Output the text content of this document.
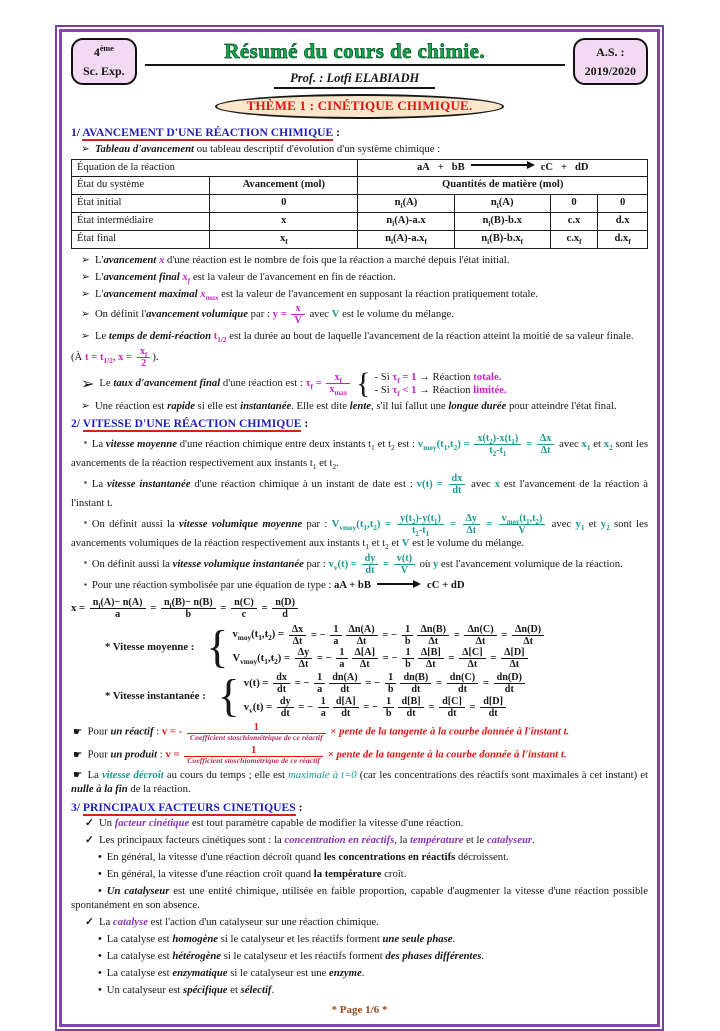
4ème
Sc. Exp.
Résumé du cours de chimie.
Prof. : Lotfi ELABIADH
A.S. :
2019/2020
THÈME 1 : CINÉTIQUE CHIMIQUE.
1/ AVANCEMENT D'UNE RÉACTION CHIMIQUE :
➢ Tableau d'avancement ou tableau descriptif d'évolution d'un système chimique :
Équation de la réaction		aA   +   bB cC   +   dD			
État du système	Avancement (mol)	Quantités de matière (mol)			
État initial	0	$n_i(A)$	$n_i(A)$	0	0
État intermédiaire	x	$n_i(A)-a.x$	$n_i(B)-b.x$	c.x	d.x
État final	$x_f$	$n_i(A)-a.x_f$	$n_i(B)-b.x_f$	$c.x_f$	$d.x_f$
➢ L'avancement x d'une réaction est le nombre de fois que la réaction a marché depuis l'état initial.
➢ L'avancement final $x_f$ est la valeur de l'avancement en fin de réaction.
➢ L'avancement maximal $x_{max}$ est la valeur de l'avancement en supposant la réaction pratiquement totale.
➢ On définit l'avancement volumique par : $y = \frac{x}{V}$ avec V est le volume du mélange.
➢ Le temps de demi-réaction $t_{1/2}$ est la durée au bout de laquelle l'avancement de la réaction atteint la moitié de sa valeur finale.
(À $t = t_{1/2}$, $x = \frac{x_f}{2}$ ).
➢ Le taux d'avancement final d'une réaction est : $\tau_f = \frac{x_f}{x_{max}}$ { - Si $\tau_f = 1$ → Réaction totale.
- Si $\tau_f < 1$ → Réaction limitée.
➢ Une réaction est rapide si elle est instantanée. Elle est dite lente, s'il lui fallut une longue durée pour atteindre l'état final.
2/ VITESSE D'UNE RÉACTION CHIMIQUE :
▪ La vitesse moyenne d'une réaction chimique entre deux instants $t_1$ et $t_2$ est : $v_{moy}(t_1,t_2) = \frac{x(t_2)-x(t_1)}{t_2-t_1} = \frac{\Delta x}{\Delta t}$ avec $x_1$ et $x_2$ sont les avancements de la réaction respectivement aux instants $t_1$ et $t_2$.
▪ La vitesse instantanée d'une réaction chimique à un instant de date est : $v(t) = \frac{dx}{dt}$ avec x est l'avancement de la réaction à l'instant t.
▪ On définit aussi la vitesse volumique moyenne par : $V_{vmoy}(t_1,t_2) = \frac{y(t_2)-y(t_1)}{t_2-t_1} = \frac{\Delta y}{\Delta t} = \frac{v_{moy}(t_1,t_2)}{V}$ avec $y_1$ et $y_2$ sont les avancements volumiques de la réaction respectivement aux instants $t_1$ et $t_2$ et V est le volume du mélange.
▪ On définit aussi la vitesse volumique instantanée par : $v_v(t) = \frac{dy}{dt} = \frac{v(t)}{V}$ où y est l'avancement volumique de la réaction.
▪ Pour une réaction symbolisée par une équation de type : aA + bB → cC + dD
$x = \frac{n_i(A)- n(A)}{a} = \frac{n_i(B)- n(B)}{b} = \frac{n(C)}{c} = \frac{n(D)}{d}$
* Vitesse moyenne : { $v_{moy}(t_1,t_2) = \frac{\Delta x}{\Delta t}$ = − $\frac{1}{a} \frac{\Delta n(A)}{\Delta t}$ = − $\frac{1}{b} \frac{\Delta n(B)}{\Delta t} = \frac{\Delta n(C)}{\Delta t} = \frac{\Delta n(D)}{\Delta t}$
$V_{vmoy}(t_1,t_2) = \frac{\Delta y}{\Delta t}$ = − $\frac{1}{a} \frac{\Delta[A]}{\Delta t}$ = − $\frac{1}{b} \frac{\Delta[B]}{\Delta t} = \frac{\Delta[C]}{\Delta t} = \frac{\Delta[D]}{\Delta t}$
* Vitesse instantanée : { $v(t) = \frac{dx}{dt}$ = − $\frac{1}{a} \frac{dn(A)}{dt}$ = − $\frac{1}{b} \frac{dn(B)}{dt} = \frac{dn(C)}{dt} = \frac{dn(D)}{dt}$
$v_v(t) = \frac{dy}{dt}$ = − $\frac{1}{a} \frac{d[A]}{dt}$ = − $\frac{1}{b} \frac{d[B]}{dt} = \frac{d[C]}{dt} = \frac{d[D]}{dt}$
☛ Pour un réactif : v = - $\frac{1}{\text{Coefficient stoschiométrique de ce réactif}}$ × pente de la tangente à la courbe donnée à l'instant t.
☛ Pour un produit : $v = \frac{1}{\text{Coefficient stoschiométrique de ce réactif}}$ × pente de la tangente à la courbe donnée à l'instant t.
☛ La vitesse décroît au cours du temps ; elle est maximale à t=0 (car les concentrations des réactifs sont maximales à cet instant) et nulle à la fin de la réaction.
3/ PRINCIPAUX FACTEURS CINETIQUES :
✓ Un facteur cinétique est tout paramètre capable de modifier la vitesse d'une réaction.
✓ Les principaux facteurs cinétiques sont : la concentration en réactifs, la température et le catalyseur.
• En général, la vitesse d'une réaction décroît quand les concentrations en réactifs décroissent.
• En général, la vitesse d'une réaction croît quand la température croît.
• Un catalyseur est une entité chimique, utilisée en faible proportion, capable d'augmenter la vitesse d'une réaction possible spontanément en son absence.
✓ La catalyse est l'action d'un catalyseur sur une réaction chimique.
• La catalyse est homogène si le catalyseur et les réactifs forment une seule phase.
• La catalyse est hétérogène si le catalyseur et les réactifs forment des phases différentes.
• La catalyse est enzymatique si le catalyseur est une enzyme.
• Un catalyseur est spécifique et sélectif.
* Page 1/6 *
